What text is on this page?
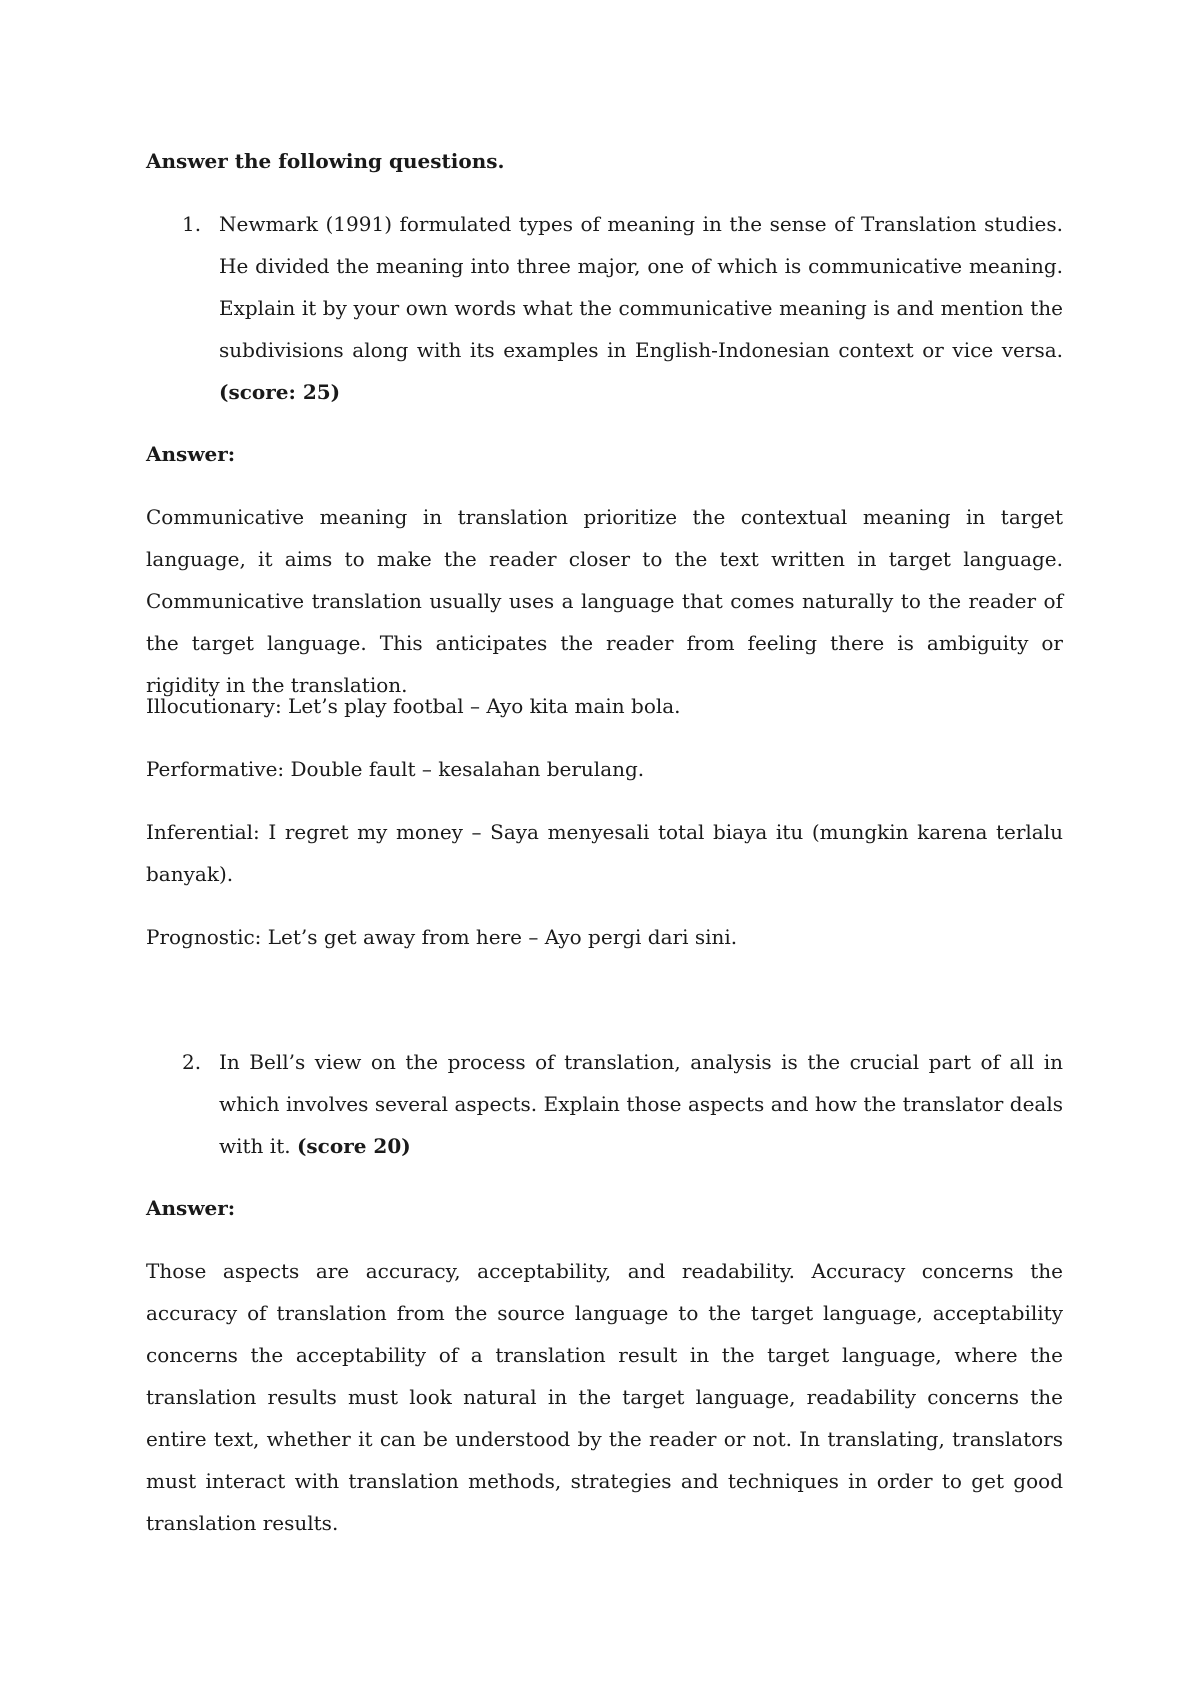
Answer the following questions.

1. Newmark (1991) formulated types of meaning in the sense of Translation studies. He divided the meaning into three major, one of which is communicative meaning. Explain it by your own words what the communicative meaning is and mention the subdivisions along with its examples in English-Indonesian context or vice versa. (score: 25)

Answer:

Communicative meaning in translation prioritize the contextual meaning in target language, it aims to make the reader closer to the text written in target language. Communicative translation usually uses a language that comes naturally to the reader of the target language. This anticipates the reader from feeling there is ambiguity or rigidity in the translation.

Illocutionary: Let’s play footbal – Ayo kita main bola.

Performative: Double fault – kesalahan berulang.

Inferential: I regret my money – Saya menyesali total biaya itu (mungkin karena terlalu banyak).

Prognostic: Let’s get away from here – Ayo pergi dari sini.

2. In Bell’s view on the process of translation, analysis is the crucial part of all in which involves several aspects. Explain those aspects and how the translator deals with it. (score 20)

Answer:

Those aspects are accuracy, acceptability, and readability. Accuracy concerns the accuracy of translation from the source language to the target language, acceptability concerns the acceptability of a translation result in the target language, where the translation results must look natural in the target language, readability concerns the entire text, whether it can be understood by the reader or not. In translating, translators must interact with translation methods, strategies and techniques in order to get good translation results.
